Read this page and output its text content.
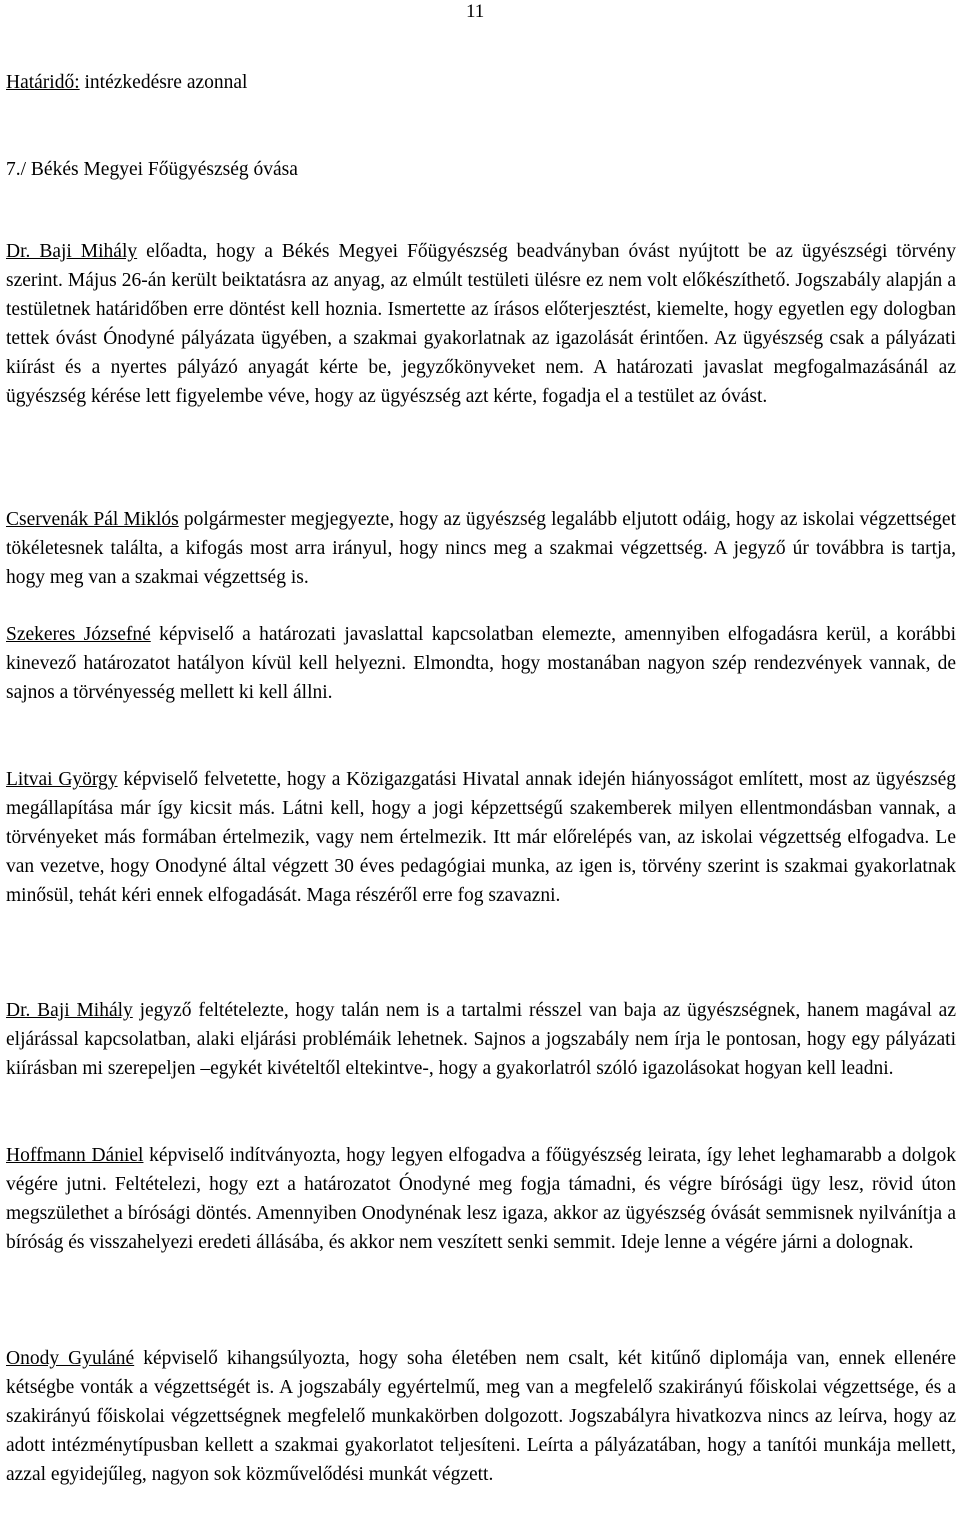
11
Határidő: intézkedésre azonnal
7./ Békés Megyei Főügyészség óvása

Dr. Baji Mihály előadta, hogy a Békés Megyei Főügyészség beadványban óvást nyújtott be az ügyészségi törvény szerint. Május 26-án került beiktatásra az anyag, az elmúlt testületi ülésre ez nem volt előkészíthető. Jogszabály alapján a testületnek határidőben erre döntést kell hoznia. Ismertette az írásos előterjesztést, kiemelte, hogy egyetlen egy dologban tettek óvást Ónodyné pályázata ügyében, a szakmai gyakorlatnak az igazolását érintően. Az ügyészség csak a pályázati kiírást és a nyertes pályázó anyagát kérte be, jegyzőkönyveket nem. A határozati javaslat megfogalmazásánál az ügyészség kérése lett figyelembe véve, hogy az ügyészség azt kérte, fogadja el a testület az óvást.

Cservenák Pál Miklós polgármester megjegyezte, hogy az ügyészség legalább eljutott odáig, hogy az iskolai végzettséget tökéletesnek találta, a kifogás most arra irányul, hogy nincs meg a szakmai végzettség. A jegyző úr továbbra is tartja, hogy meg van a szakmai végzettség is.

Szekeres Józsefné képviselő a határozati javaslattal kapcsolatban elemezte, amennyiben elfogadásra kerül, a korábbi kinevező határozatot hatályon kívül kell helyezni. Elmondta, hogy mostanában nagyon szép rendezvények vannak, de sajnos a törvényesség mellett ki kell állni.

Litvai György képviselő felvetette, hogy a Közigazgatási Hivatal annak idején hiányosságot említett, most az ügyészség megállapítása már így kicsit más. Látni kell, hogy a jogi képzettségű szakemberek milyen ellentmondásban vannak, a törvényeket más formában értelmezik, vagy nem értelmezik. Itt már előrelépés van, az iskolai végzettség elfogadva. Le van vezetve, hogy Onodyné által végzett 30 éves pedagógiai munka, az igen is, törvény szerint is szakmai gyakorlatnak minősül, tehát kéri ennek elfogadását. Maga részéről erre fog szavazni.

Dr. Baji Mihály jegyző feltételezte, hogy talán nem is a tartalmi résszel van baja az ügyészségnek, hanem magával az eljárással kapcsolatban, alaki eljárási problémáik lehetnek. Sajnos a jogszabály nem írja le pontosan, hogy egy pályázati kiírásban mi szerepeljen –egykét kivételtől eltekintve-, hogy a gyakorlatról szóló igazolásokat hogyan kell leadni.

Hoffmann Dániel képviselő indítványozta, hogy legyen elfogadva a főügyészség leirata, így lehet leghamarabb a dolgok végére jutni. Feltételezi, hogy ezt a határozatot Ónodyné meg fogja támadni, és végre bírósági ügy lesz, rövid úton megszülethet a bírósági döntés. Amennyiben Onodynénak lesz igaza, akkor az ügyészség óvását semmisnek nyilvánítja a bíróság és visszahelyezi eredeti állásába, és akkor nem veszített senki semmit. Ideje lenne a végére járni a dolognak.

Onody Gyuláné képviselő kihangsúlyozta, hogy soha életében nem csalt, két kitűnő diplomája van, ennek ellenére kétségbe vonták a végzettségét is. A jogszabály egyértelmű, meg van a megfelelő szakirányú főiskolai végzettsége, és a szakirányú főiskolai végzettségnek megfelelő munkakörben dolgozott. Jogszabályra hivatkozva nincs az leírva, hogy az adott intézménytípusban kellett a szakmai gyakorlatot teljesíteni. Leírta a pályázatában, hogy a tanítói munkája mellett, azzal egyidejűleg, nagyon sok közművelődési munkát végzett.
